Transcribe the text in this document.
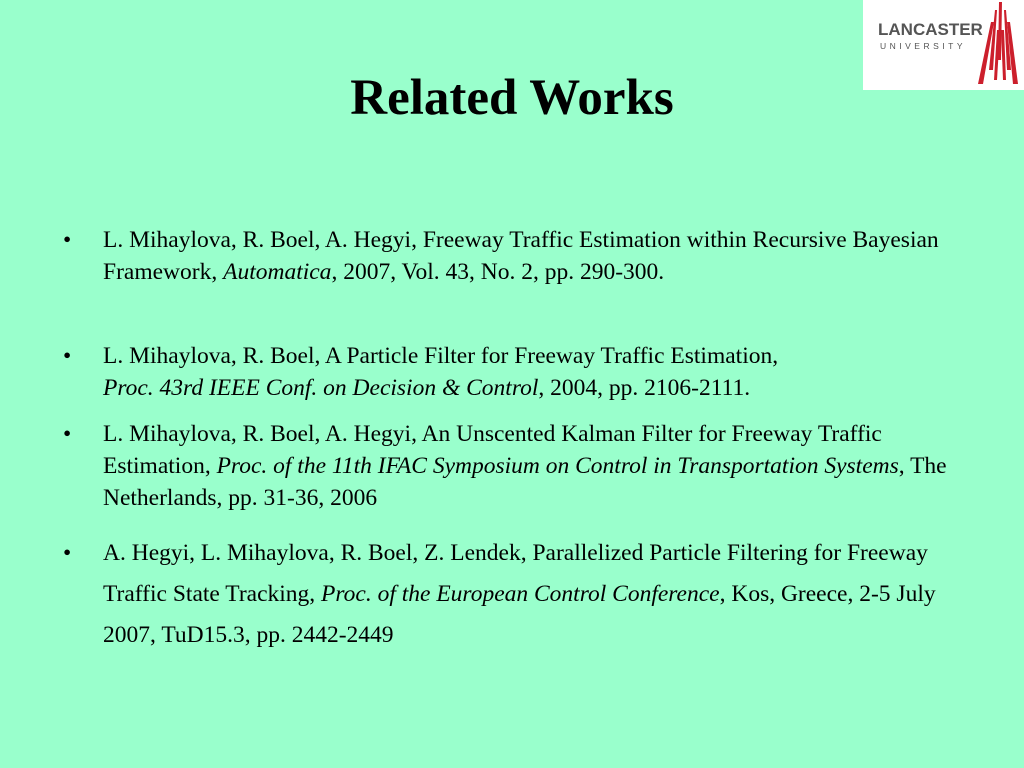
LANCASTER
UNIVERSITY
Related Works
• L. Mihaylova, R. Boel, A. Hegyi, Freeway Traffic Estimation within Recursive Bayesian Framework, Automatica, 2007, Vol. 43, No. 2, pp. 290-300.
• L. Mihaylova, R. Boel, A Particle Filter for Freeway Traffic Estimation,
Proc. 43rd IEEE Conf. on Decision & Control, 2004, pp. 2106-2111.
• L. Mihaylova, R. Boel, A. Hegyi, An Unscented Kalman Filter for Freeway Traffic Estimation, Proc. of the 11th IFAC Symposium on Control in Transportation Systems, The Netherlands, pp. 31-36, 2006
• A. Hegyi, L. Mihaylova, R. Boel, Z. Lendek, Parallelized Particle Filtering for Freeway Traffic State Tracking, Proc. of the European Control Conference, Kos, Greece, 2-5 July 2007, TuD15.3, pp. 2442-2449
